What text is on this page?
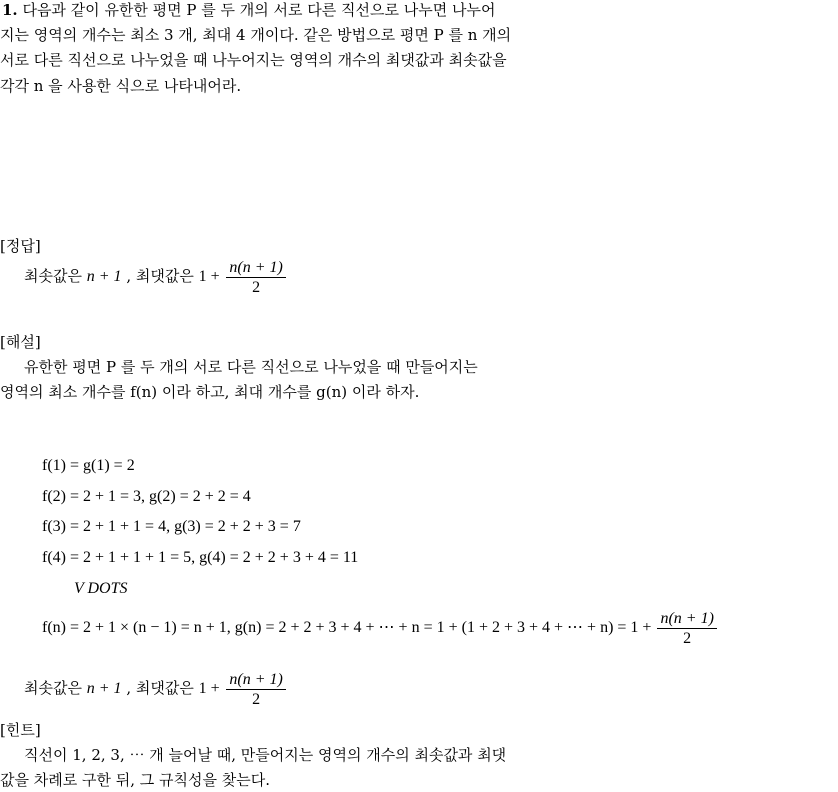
1. 다음과 같이 유한한 평면 P 를 두 개의 서로 다른 직선으로 나누면 나누어
지는 영역의 개수는 최소 3 개, 최대 4 개이다. 같은 방법으로 평면 P 를 n 개의
서로 다른 직선으로 나누었을 때 나누어지는 영역의 개수의 최댓값과 최솟값을
각각 n 을 사용한 식으로 나타내어라.
[정답]
최솟값은 n + 1 , 최댓값은 $1 + \frac{n(n + 1)}{2}$
[해설]
유한한 평면 P 를 두 개의 서로 다른 직선으로 나누었을 때 만들어지는
영역의 최소 개수를 f(n) 이라 하고, 최대 개수를 g(n) 이라 하자.
f(1) = g(1) = 2
f(2) = 2 + 1 = 3, g(2) = 2 + 2 = 4
f(3) = 2 + 1 + 1 = 4, g(3) = 2 + 2 + 3 = 7
f(4) = 2 + 1 + 1 + 1 = 5, g(4) = 2 + 2 + 3 + 4 = 11
V DOTS
f(n) = 2 + 1 × (n − 1) = n + 1, g(n) = 2 + 2 + 3 + 4 + ⋯ + n = 1 + (1 + 2 + 3 + 4 + ⋯ + $n) = 1 + \frac{n(n + 1)}{2}$
최솟값은 n + 1 , 최댓값은 $1 + \frac{n(n + 1)}{2}$
[힌트]
직선이 1, 2, 3, ⋯ 개 늘어날 때, 만들어지는 영역의 개수의 최솟값과 최댓
값을 차례로 구한 뒤, 그 규칙성을 찾는다.
